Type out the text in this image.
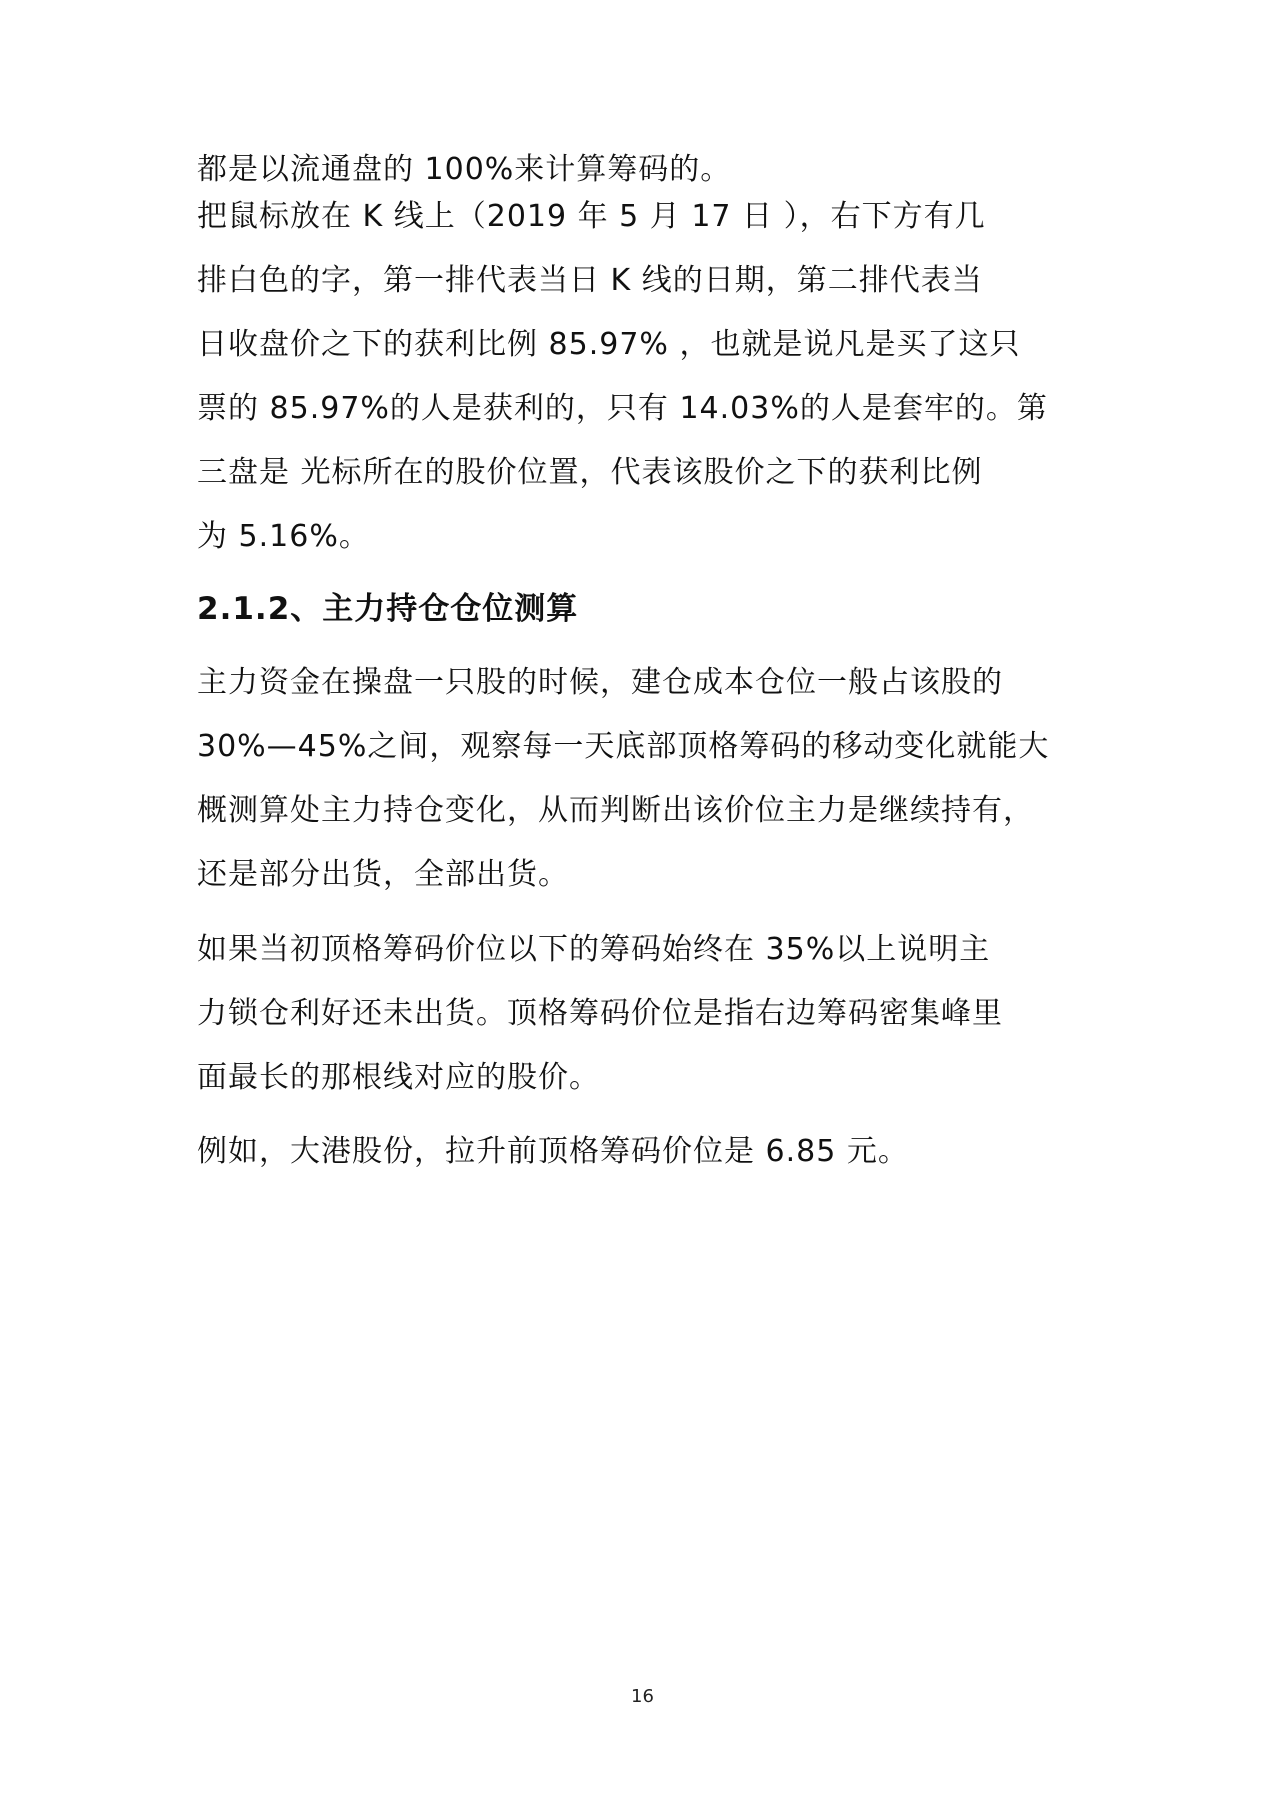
都是以流通盘的 100%来计算筹码的。

把鼠标放在 K 线上（2019 年 5 月 17 日 ），右下方有几

排白色的字，第一排代表当日 K 线的日期，第二排代表当

日收盘价之下的获利比例 85.97% ，也就是说凡是买了这只

票的 85.97%的人是获利的，只有 14.03%的人是套牢的。第

三盘是 光标所在的股价位置，代表该股价之下的获利比例

为 5.16%。

2.1.2、主力持仓仓位测算

主力资金在操盘一只股的时候，建仓成本仓位一般占该股的

30%—45%之间，观察每一天底部顶格筹码的移动变化就能大

概测算处主力持仓变化，从而判断出该价位主力是继续持有，

还是部分出货，全部出货。

如果当初顶格筹码价位以下的筹码始终在 35%以上说明主

力锁仓利好还未出货。顶格筹码价位是指右边筹码密集峰里

面最长的那根线对应的股价。

例如，大港股份，拉升前顶格筹码价位是 6.85 元。

16
